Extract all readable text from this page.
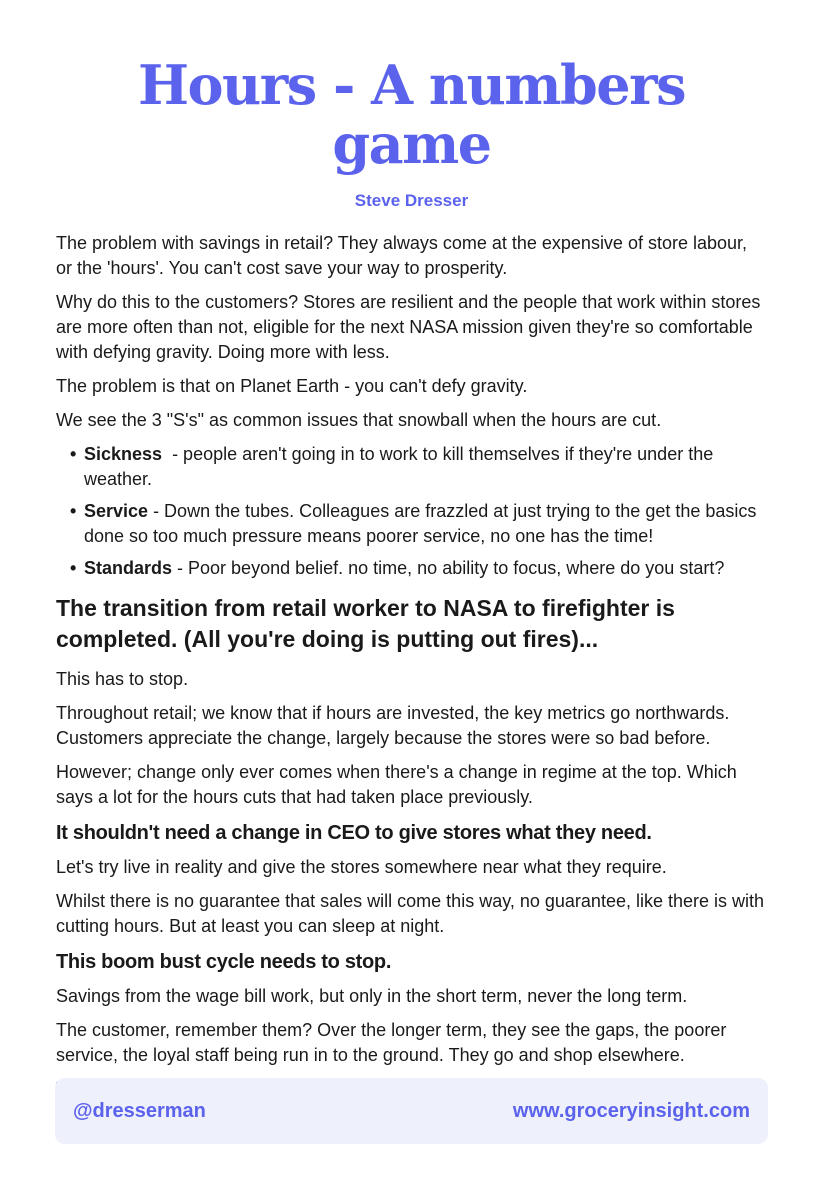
Hours - A numbers game
Steve Dresser

The problem with savings in retail? They always come at the expensive of store labour, or the 'hours'. You can't cost save your way to prosperity.

Why do this to the customers? Stores are resilient and the people that work within stores are more often than not, eligible for the next NASA mission given they're so comfortable with defying gravity. Doing more with less.

The problem is that on Planet Earth - you can't defy gravity.

We see the 3 "S's" as common issues that snowball when the hours are cut.

• Sickness  - people aren't going in to work to kill themselves if they're under the weather.
• Service - Down the tubes. Colleagues are frazzled at just trying to the get the basics done so too much pressure means poorer service, no one has the time!
• Standards - Poor beyond belief. no time, no ability to focus, where do you start?
The transition from retail worker to NASA to firefighter is completed. (All you're doing is putting out fires)...

This has to stop.

Throughout retail; we know that if hours are invested, the key metrics go northwards. Customers appreciate the change, largely because the stores were so bad before.

However; change only ever comes when there's a change in regime at the top. Which says a lot for the hours cuts that had taken place previously.

It shouldn't need a change in CEO to give stores what they need.

Let's try live in reality and give the stores somewhere near what they require.

Whilst there is no guarantee that sales will come this way, no guarantee, like there is with cutting hours. But at least you can sleep at night.

This boom bust cycle needs to stop.

Savings from the wage bill work, but only in the short term, never the long term.

The customer, remember them? Over the longer term, they see the gaps, the poorer service, the loyal staff being run in to the ground. They go and shop elsewhere.

@dresserman	www.groceryinsight.com
